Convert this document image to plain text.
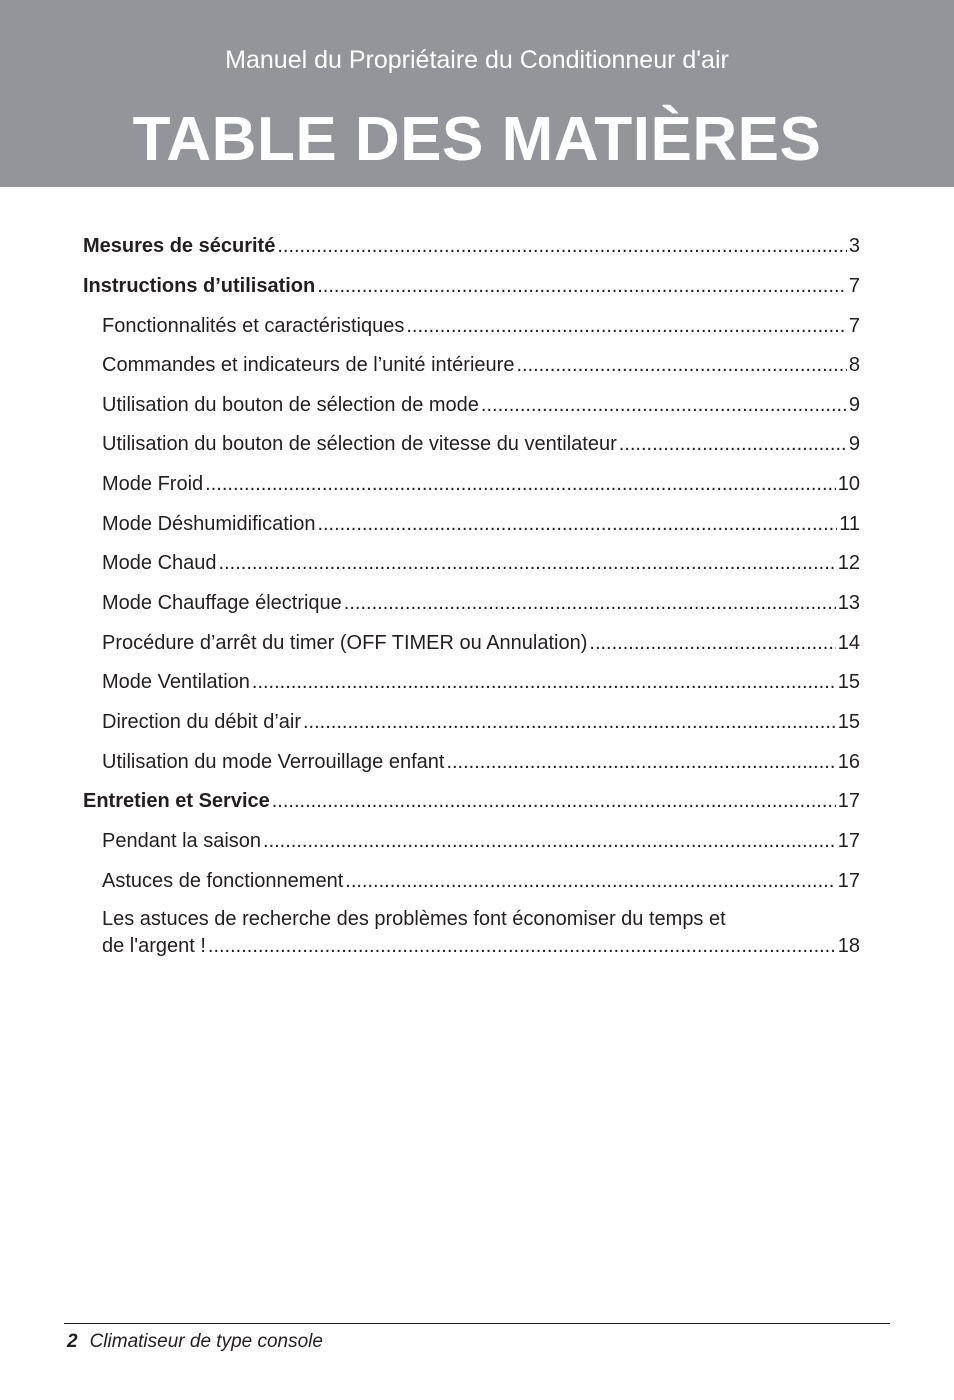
Manuel du Propriétaire du Conditionneur d'air
TABLE DES MATIÈRES
Mesures de sécurité .....	3
Instructions d’utilisation .....	7
Fonctionnalités et caractéristiques .....	7
Commandes et indicateurs de l’unité intérieure .....	8
Utilisation du bouton de sélection de mode .....	9
Utilisation du bouton de sélection de vitesse du ventilateur .....	9
Mode Froid .....	10
Mode Déshumidification .....	11
Mode Chaud .....	12
Mode Chauffage électrique .....	13
Procédure d’arrêt du timer (OFF TIMER ou Annulation) .....	14
Mode Ventilation .....	15
Direction du débit d’air .....	15
Utilisation du mode Verrouillage enfant .....	16
Entretien et Service .....	17
Pendant la saison .....	17
Astuces de fonctionnement .....	17
Les astuces de recherche des problèmes font économiser du temps et
de l'argent ! .....	18
2 Climatiseur de type console
